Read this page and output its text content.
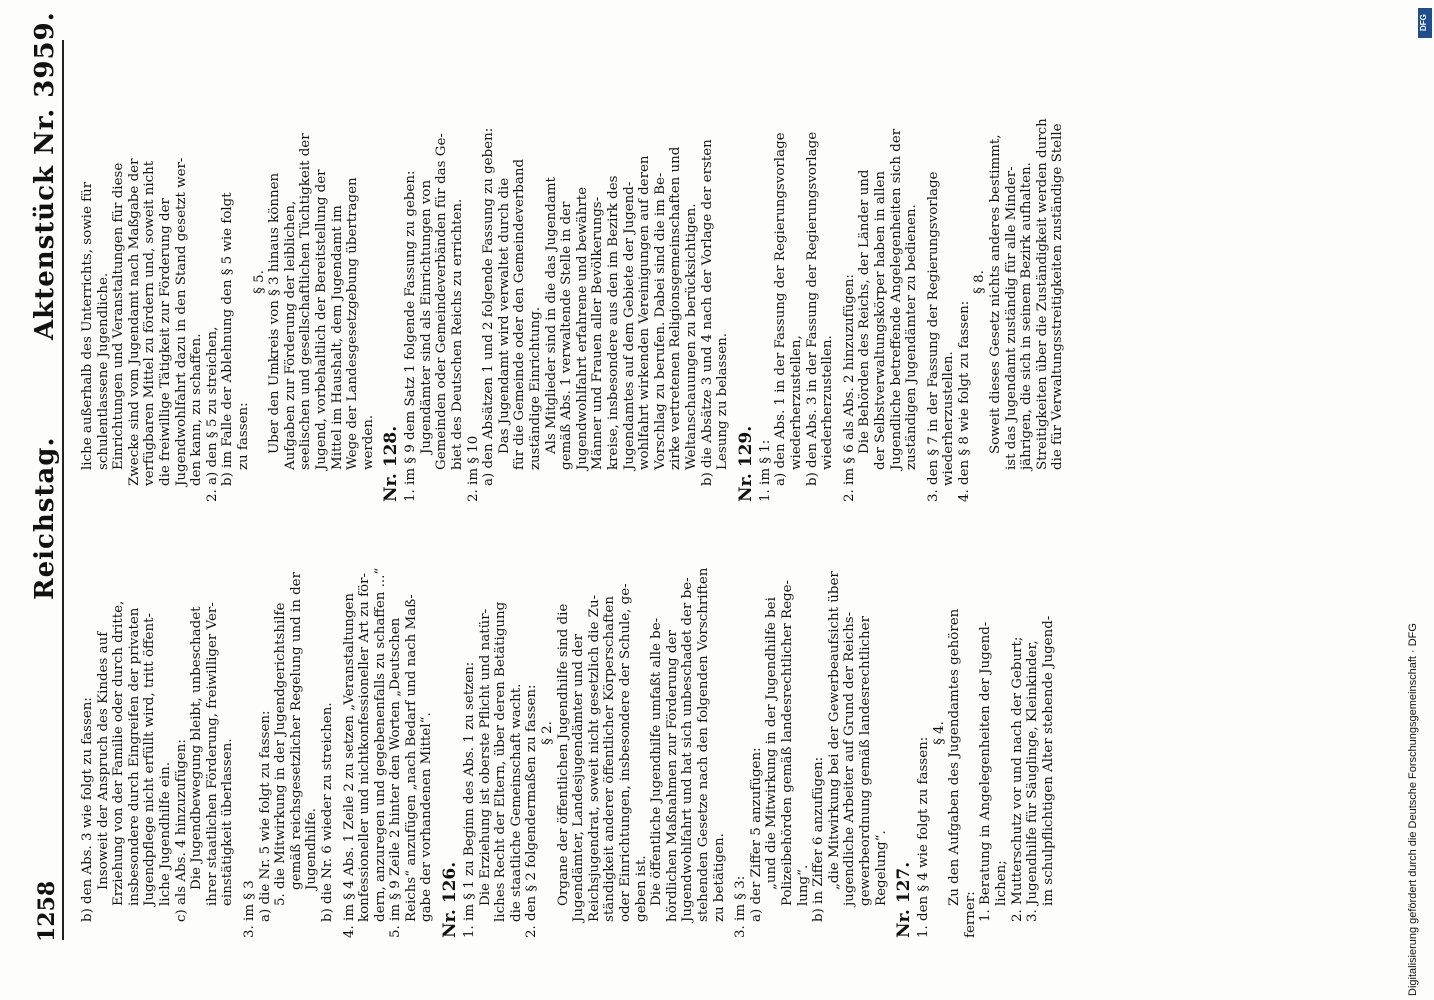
1258
Reichstag.
Aktenstück Nr. 3959.
b) den Abs. 3 wie folgt zu fassen: Insoweit der Anspruch des Kindes auf Erziehung von der Familie oder durch dritte, insbesondere durch Eingreifen der privaten Jugendpflege nicht erfüllt wird, tritt öffent- liche Jugendhilfe ein. c) als Abs. 4 hinzuzufügen: Die Jugendbewegung bleibt, unbeschadet ihrer staatlichen Förderung, freiwilliger Ver- einstätigkeit überlassen.
3. im § 3 a) die Nr. 5 wie folgt zu fassen: 5. die Mitwirkung in der Jugendgerichtshilfe gemäß reichsgesetzlicher Regelung und in der Jugendhilfe. b) die Nr. 6 wieder zu streichen. 4. im § 4 Abs. 1 Zeile 2 zu setzen „Veranstaltungen konfessioneller und nichtkonfessioneller Art zu för- dern, anzuregen und gegebenenfalls zu schaffen ...“ 5. im § 9 Zeile 2 hinter den Worten „Deutschen Reichs“ anzufügen „nach Bedarf und nach Maß- gabe der vorhandenen Mittel“. Nr. 126. 1. im § 1 zu Beginn des Abs. 1 zu setzen: Die Erziehung ist oberste Pflicht und natür- liches Recht der Eltern, über deren Betätigung die staatliche Gemeinschaft wacht. 2. den § 2 folgendermaßen zu fassen: § 2. Organe der öffentlichen Jugendhilfe sind die Jugendämter, Landesjugendämter und der Reichsjugendrat, soweit nicht gesetzlich die Zu- ständigkeit anderer öffentlicher Körperschaften oder Einrichtungen, insbesondere der Schule, ge- geben ist. Die öffentliche Jugendhilfe umfaßt alle be- hördlichen Maßnahmen zur Förderung der Jugendwohlfahrt und hat sich unbeschadet der be- stehenden Gesetze nach den folgenden Vorschriften zu betätigen. 3. im § 3: a) der Ziffer 5 anzufügen: „und die Mitwirkung in der Jugendhilfe bei Polizeibehörden gemäß landesrechtlicher Rege- lung“. b) in Ziffer 6 anzufügen: „die Mitwirkung bei der Gewerbeaufsicht über jugendliche Arbeiter auf Grund der Reichs- gewerbeordnung gemäß landesrechtlicher Regelung“. Nr. 127. 1. den § 4 wie folgt zu fassen:
§ 4. Zu den Aufgaben des Jugendamtes gehören
ferner: 1. Beratung in Angelegenheiten der Jugend- lichen; 2. Mutterschutz vor und nach der Geburt; 3. Jugendhilfe für Säuglinge, Kleinkinder, im schulpflichtigen Alter stehende Jugend-
liche außerhalb des Unterrichts, sowie für schulentlassene Jugendliche. Einrichtungen und Veranstaltungen für diese Zwecke sind vom Jugendamt nach Maßgabe der verfügbaren Mittel zu fördern und, soweit nicht die freiwillige Tätigkeit zur Förderung der Jugendwohlfahrt dazu in den Stand gesetzt wer- den kann, zu schaffen. 2. a) den § 5 zu streichen, b) im Falle der Ablehnung den § 5 wie folgt zu fassen:
§ 5. Über den Umkreis von § 3 hinaus können Aufgaben zur Förderung der leiblichen, seelischen und gesellschaftlichen Tüchtigkeit der Jugend, vorbehaltlich der Bereitstellung der Mittel im Haushalt, dem Jugendamt im Wege der Landesgesetzgebung übertragen werden. Nr. 128. 1. im § 9 dem Satz 1 folgende Fassung zu geben: Jugendämter sind als Einrichtungen von Gemeinden oder Gemeindeverbänden für das Ge- biet des Deutschen Reichs zu errichten. 2. im § 10 a) den Absätzen 1 und 2 folgende Fassung zu geben: Das Jugendamt wird verwaltet durch die für die Gemeinde oder den Gemeindeverband zuständige Einrichtung. Als Mitglieder sind in die das Jugendamt gemäß Abs. 1 verwaltende Stelle in der Jugendwohlfahrt erfahrene und bewährte Männer und Frauen aller Bevölkerungs- kreise, insbesondere aus den im Bezirk des Jugendamtes auf dem Gebiete der Jugend- wohlfahrt wirkenden Vereinigungen auf deren Vorschlag zu berufen. Dabei sind die im Be- zirke vertretenen Religionsgemeinschaften und Weltanschauungen zu berücksichtigen. b) die Absätze 3 und 4 nach der Vorlage der ersten Lesung zu belassen. Nr. 129. 1. im § 1: a) den Abs. 1 in der Fassung der Regierungsvorlage wiederherzustellen, b) den Abs. 3 in der Fassung der Regierungsvorlage wiederherzustellen. 2. im § 6 als Abs. 2 hinzuzufügen: Die Behörden des Reichs, der Länder und der Selbstverwaltungskörper haben in allen Jugendliche betreffende Angelegenheiten sich der zuständigen Jugendämter zu bedienen. 3. den § 7 in der Fassung der Regierungsvorlage wiederherzustellen. 4. den § 8 wie folgt zu fassen:
§ 8. Soweit dieses Gesetz nichts anderes bestimmt, ist das Jugendamt zuständig für alle Minder- jährigen, die sich in seinem Bezirk aufhalten. Streitigkeiten über die Zuständigkeit werden durch die für Verwaltungsstreitigkeiten zuständige Stelle
Digitalisierung gefördert durch die Deutsche Forschungsgemeinschaft · DFG
DFG
